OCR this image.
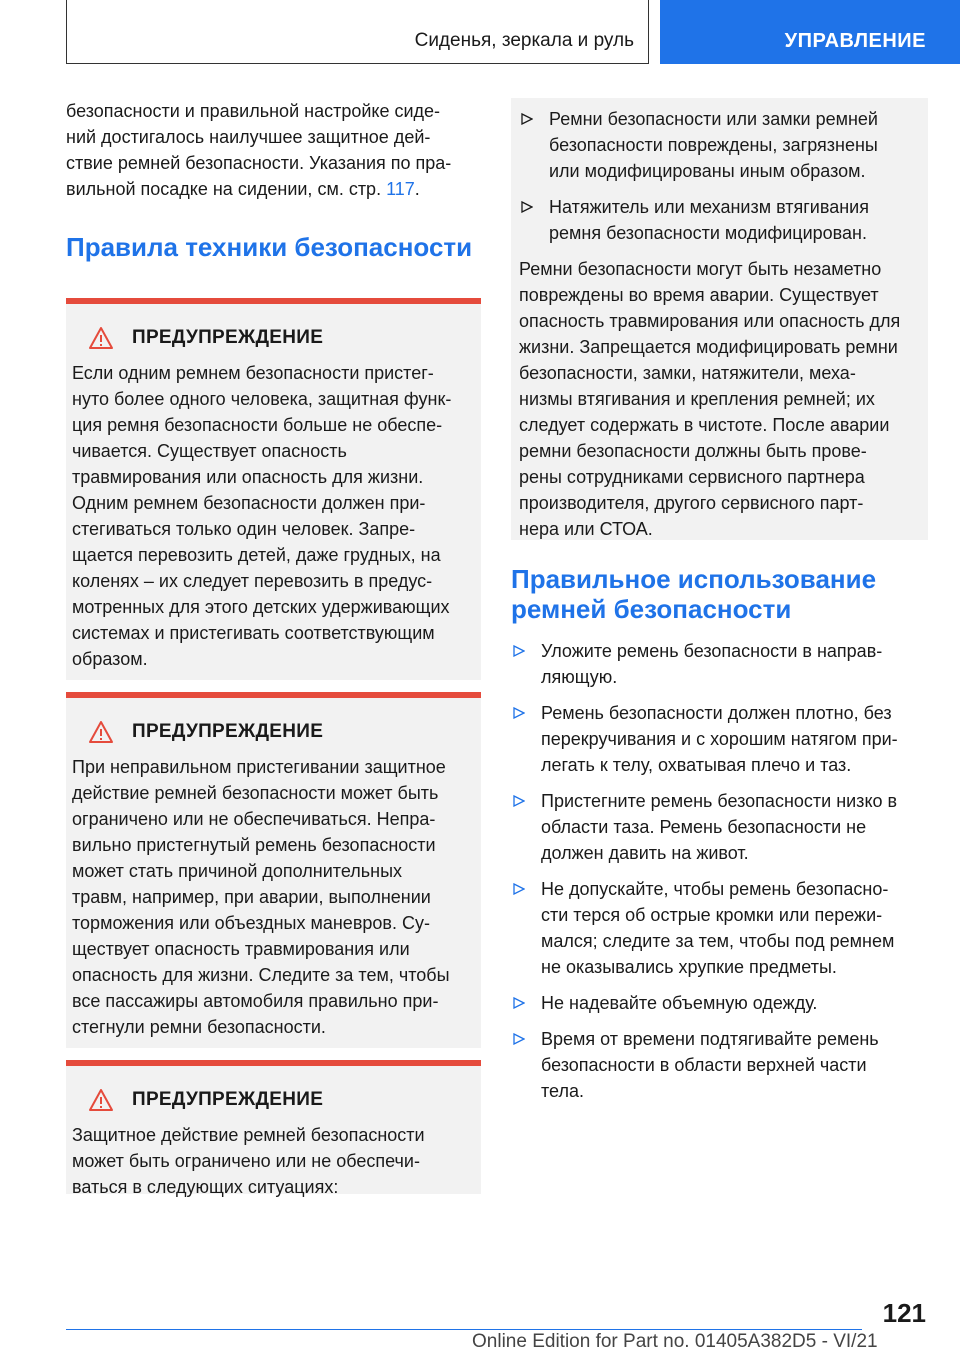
Сиденья, зеркала и руль	УПРАВЛЕНИЕ

безопасности и правильной настройке сиде-

ний достигалось наилучшее защитное дей-

ствие ремней безопасности. Указания по пра-

вильной посадке на сидении, см. стр. 117.

Правила техники безопасности
ПРЕДУПРЕЖДЕНИЕ

Если одним ремнем безопасности пристег-

нуто более одного человека, защитная функ-

ция ремня безопасности больше не обеспе-

чивается. Существует опасность

травмирования или опасность для жизни.

Одним ремнем безопасности должен при-

стегиваться только один человек. Запре-

щается перевозить детей, даже грудных, на

коленях – их следует перевозить в предус-

мотренных для этого детских удерживающих

системах и пристегивать соответствующим

образом.

ПРЕДУПРЕЖДЕНИЕ

При неправильном пристегивании защитное

действие ремней безопасности может быть

ограничено или не обеспечиваться. Непра-

вильно пристегнутый ремень безопасности

может стать причиной дополнительных

травм, например, при аварии, выполнении

торможения или объездных маневров. Су-

ществует опасность травмирования или

опасность для жизни. Следите за тем, чтобы

все пассажиры автомобиля правильно при-

стегнули ремни безопасности.

ПРЕДУПРЕЖДЕНИЕ

Защитное действие ремней безопасности

может быть ограничено или не обеспечи-

ваться в следующих ситуациях:

Ремни безопасности или замки ремней
безопасности повреждены, загрязнены
или модифицированы иным образом.
Натяжитель или механизм втягивания
ремня безопасности модифицирован.

Ремни безопасности могут быть незаметно

повреждены во время аварии. Существует

опасность травмирования или опасность для

жизни. Запрещается модифицировать ремни

безопасности, замки, натяжители, меха-

низмы втягивания и крепления ремней; их

следует содержать в чистоте. После аварии

ремни безопасности должны быть прове-

рены сотрудниками сервисного партнера

производителя, другого сервисного парт-

нера или СТОА.

Правильное использование
ремней безопасности
Уложите ремень безопасности в направ-
ляющую.
Ремень безопасности должен плотно, без
перекручивания и с хорошим натягом при-
легать к телу, охватывая плечо и таз.
Пристегните ремень безопасности низко в
области таза. Ремень безопасности не
должен давить на живот.
Не допускайте, чтобы ремень безопасно-
сти терся об острые кромки или пережи-
мался; следите за тем, чтобы под ремнем
не оказывались хрупкие предметы.
Не надевайте объемную одежду.
Время от времени подтягивайте ремень
безопасности в области верхней части
тела.
121
Online Edition for Part no. 01405A382D5 - VI/21
